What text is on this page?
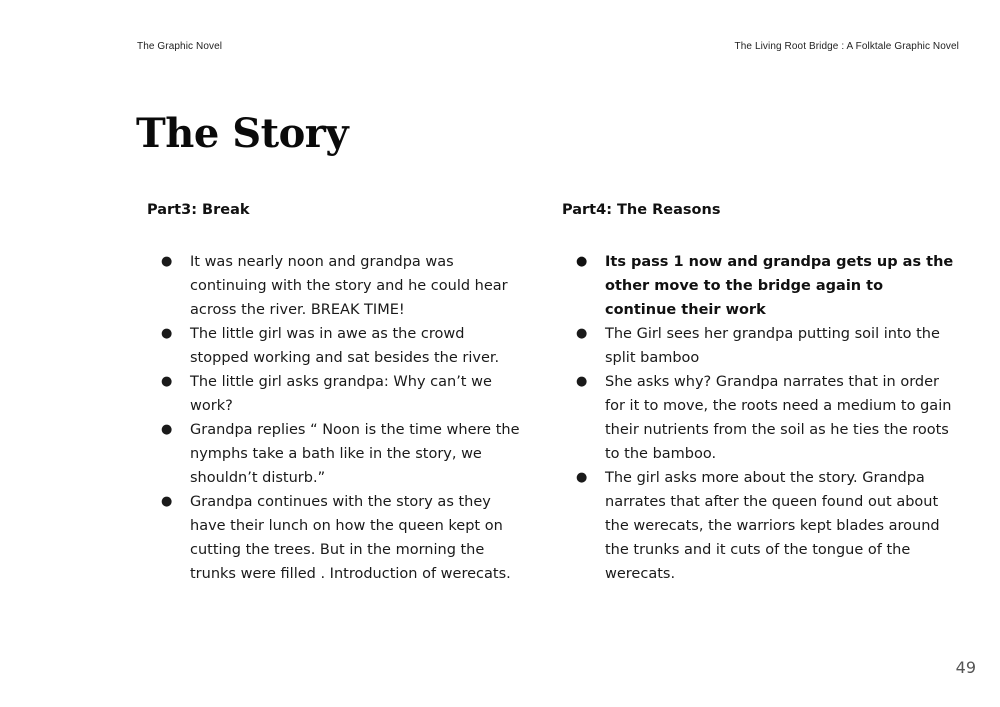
The Graphic Novel	The Living Root Bridge : A Folktale Graphic Novel
The Story
Part3: Break
● It was nearly noon and grandpa was continuing with the story and he could hear across the river. BREAK TIME!
● The little girl was in awe as the crowd stopped working and sat besides the river.
● The little girl asks grandpa: Why can’t we work?
● Grandpa replies “ Noon is the time where the nymphs take a bath like in the story, we shouldn’t disturb.”
● Grandpa continues with the story as they have their lunch on how the queen kept on cutting the trees. But in the morning the trunks were filled . Introduction of werecats.
Part4: The Reasons
● Its pass 1 now and grandpa gets up as the other move to the bridge again to continue their work
● The Girl sees her grandpa putting soil into the split bamboo
● She asks why? Grandpa narrates that in order for it to move, the roots need a medium to gain their nutrients from the soil as he ties the roots to the bamboo.
● The girl asks more about the story. Grandpa narrates that after the queen found out about the werecats, the warriors kept blades around the trunks and it cuts of the tongue of the werecats.
49
